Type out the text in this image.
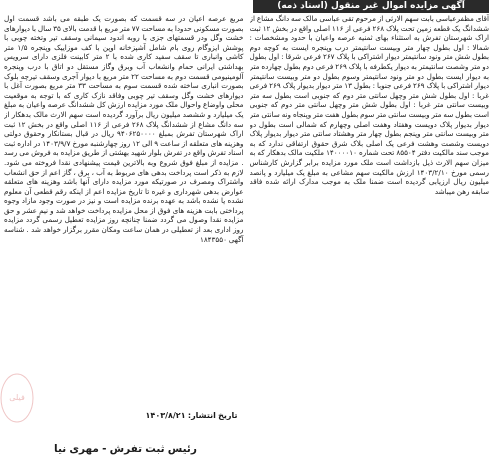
آگهی مزایده اموال غیر منقول (اسناد ذمه)
آقای مظفرعباسی بابت سهم الارثی از مرحوم تقی عباسی مالک سه دانگ مشاع از ششدانگ یک قطعه زمین تحت پلاک ۲۶۸ فرعی از ۱۱۶ اصلی واقع در بخش ۱۲ ثبت اراک شهرستان تفرش به استثناء بهای ثمنیه عرصه واعیان با حدود ومشخصات : شمالا : اول بطول چهار متر وبیست سانتیمتر درب وپنجره ایست به کوچه دوم بطول شش متر ونود سانتیمتر دیوار اشتراکی با پلاک ۲۶۷ فرعی شرقا : اول بطول دو متر وشصت سانتیمتر به دیوار یکطرفه با پلاک ۲۶۹ فرعی دوم بطول چهارده متر به دیوار ایست بطول دو متر ونود سانتیمتر وسوم بطول دو متر وبیست سانتیمتر دیوار اشتراکی با پلاک ۲۶۹ فرعی جنوبا : بطول ۱۳ متر دیوار بدیوار پلاک ۲۶۹ فرعی غربا : اول بطول شش متر وچهل سانتی متر دوم که جنوبی است بطول سه متر وبیست سانتی متر غربا : اول بطول شش متر وچهل سانتی متر دوم که جنوبی است بطول سه متر وبیست سانتی متر سوم بطول هفت متر وپنجاه ونه سانتی متر دیوار بدیوار پلاک دویست وهفتاد وهفت اصلی وچهارم که شمالی است بطول دو متر وبیست سانتی متر وپنجم بطول چهار متر وهشتاد سانتی متر دیوار بدیوار پلاک دویست وشصت وهشت فرعی یک اصلی بلاک شرق حقوق ارتفاقی ندارد که به موجب سند مالکیت دفتر ۸۵۵۰۴ تحت شماره ۱۴۰۰۰۰۱۰ ملکیت مالک بدهکار که به میزان سهم الارث ذیل بازداشت است ملک مورد مزایده برابر گزارش کارشناس رسمی مورخ ۱۴۰۳/۲/۱۰ ارزش مالکیت سهم مشاعی به مبلغ یک میلیارد و پانصد میلیون ریال ارزیابی گردیده است ضمنا ملک به موجب مدارک ارائه شده فاقد سابقه رهن میباشد
مربع عرصه اعیان در سه قسمت که بصورت یک طبقه می باشد قسمت اول بصورت مسکونی حدودا به مساحت ۷۷ متر مربع با قدمت بالای ۳۵ سال با دیوارهای خشت وگل ودر قسمتهای جزی با روبه اندود سیمانی وسقف تیر وتخته چوبی با پوشش ایزوگام روی بام شامل آشپزخانه اوپن با کف موزاییک وپنجره ۱/۵ متر کاشی وانباری تا سقف سفید کاری شده با ۲ متر کابینت فلزی دارای سرویس بهداشتی ایرانی حمام وانشعاب آب وبرق وگاز مستقل دو اتاق با درب وپنجره آلومینیومی قسمت دوم به مساحت ۲۲ متر مربع با دیوار آجری وسقف تیرچه بلوک بصورت انباری ساخته شده قسمت سوم به مساحت ۳۳ متر مربع بصورت آغل با دیوارهای خشت وگل وسقف تیر چوبی وفاقد نازک کاری که با توجه به موقعیت محلی واوضاع واحوال ملک مورد مزایده ارزش کل ششدانگ عرصه واعیان به مبلغ یک میلیارد و ششصد میلیون ریال برآورد گردیده است سهم الارث مالک بدهکار از سه دانگ مشاع از ششدانگ پلاک ۲۶۸ فرعی از ۱۱۶ اصلی واقع در بخش ۱۲ ثبت اراک شهرستان تفرش بمبلغ ۹۴۰۶۲۵۰۰۰۰ ریال در قبال بستانکار وحقوق دولتی وهزینه های متعلقه از ساعت ۹ الی ۱۲ روز چهارشنبه مورخ ۱۴۰۳/۹/۷ در اداره ثبت اسناد تفرش واقع در تفرش بلوار شهید بهشتی از طریق مزایده به فروش می رسد . مزایده از مبلغ فوق شروع وبه بالاترین قیمت پیشنهادی نقدا فروخته می شود. لازم به ذکر است پرداخت بدهی های مربوط به آب ، برق ، گاز اعم از حق انشعاب واشتراک ومصرف در صورتیکه مورد مزایده دارای آنها باشد وهزینه های متعلقه عوارض بدهی شهرداری و غیره تا تاریخ مزایده اعم از اینکه رقم قطعی آن معلوم نشده یا نشده باشد به عهده برنده مزایده است و نیز در صورت وجود مازاد وجوه پرداختی بابت هزینه های فوق از محل مزایده پرداخت خواهد شد و نیم عشر و حق مزایده نقدا وصول می گردد ضمنا چنانچه روز مزایده تعطیل رسمی گردد مزایده روز اداری بعد از تعطیلی در همان ساعت ومکان مقرر برگزار خواهد شد . شناسه آگهی ۱۸۴۳۵۵۰
تاریخ انتشار: ۱۴۰۳/۸/۲۱
رئیس ثبت تفرش - مهری نیا
فیلی
